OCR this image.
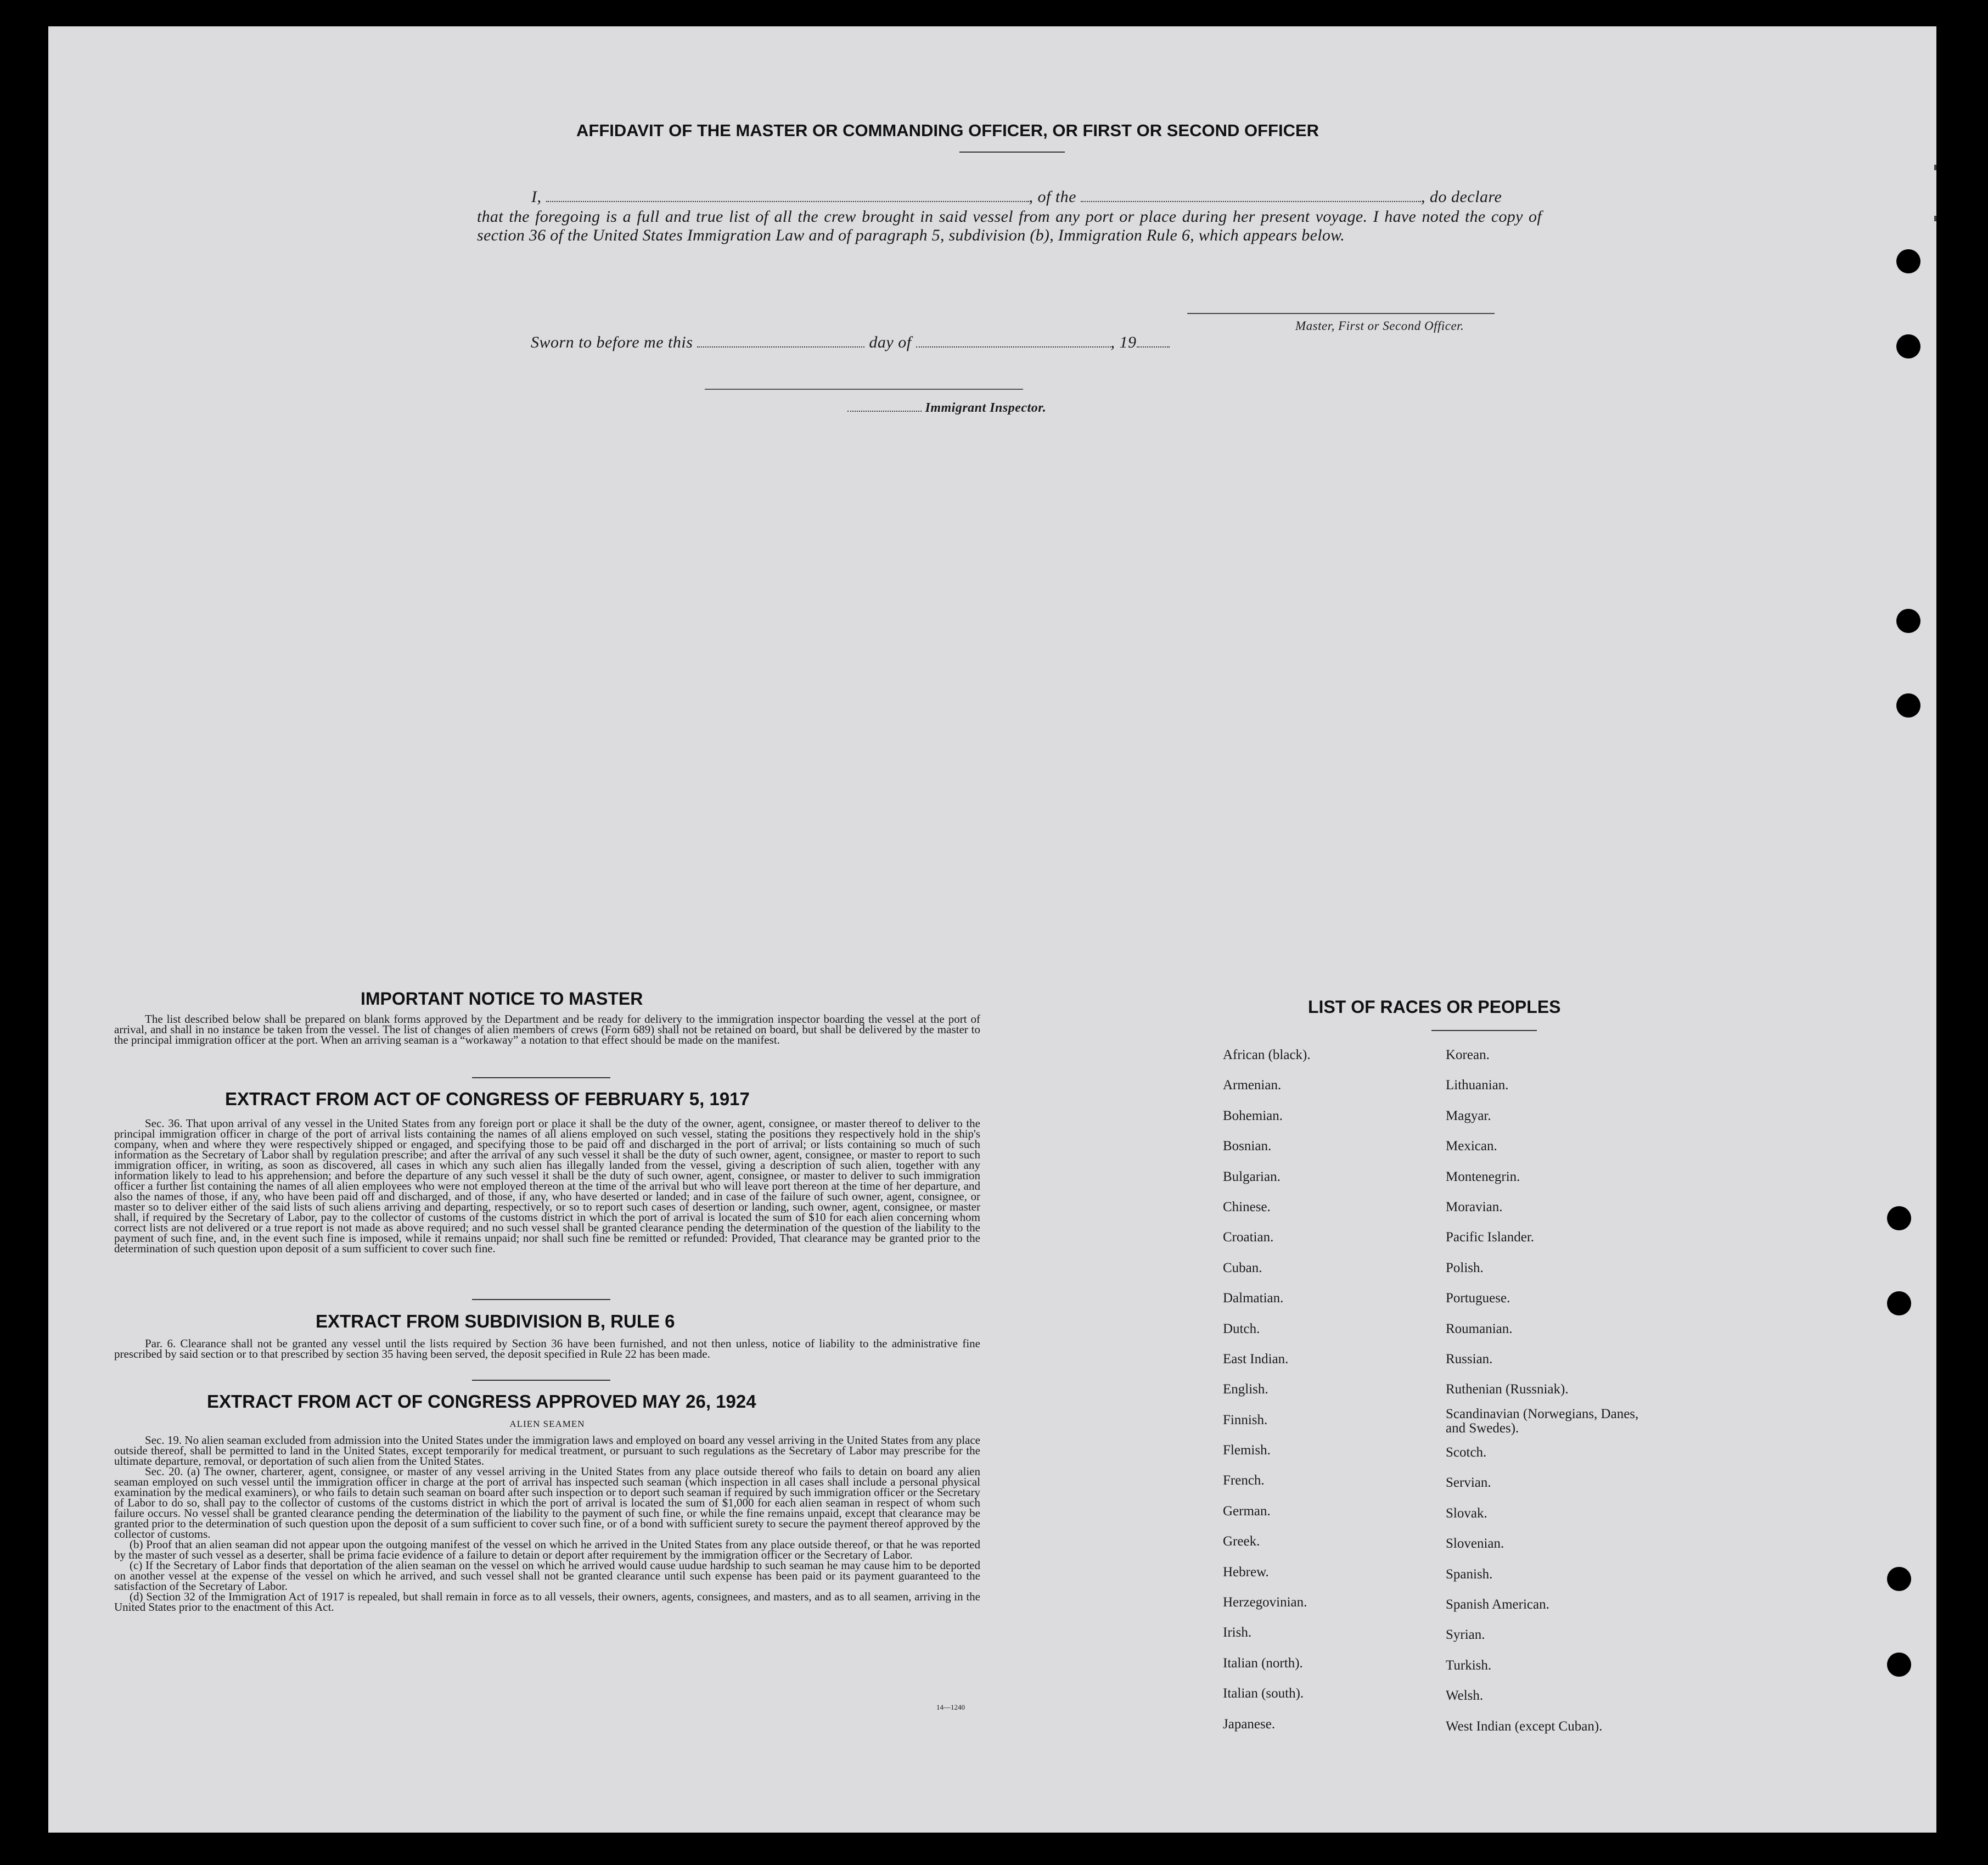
AFFIDAVIT OF THE MASTER OR COMMANDING OFFICER, OR FIRST OR SECOND OFFICER
I,	, of the	, do declare
that the foregoing is a full and true list of all the crew brought in said vessel from any port or place during her present voyage. I have noted the copy of section 36 of the United States Immigration Law and of paragraph 5, subdivision (b), Immigration Rule 6, which appears below.
Master, First or Second Officer.
Sworn to before me this	day of	, 19
Immigrant Inspector.
IMPORTANT NOTICE TO MASTER
The list described below shall be prepared on blank forms approved by the Department and be ready for delivery to the immigration inspector boarding the vessel at the port of arrival, and shall in no instance be taken from the vessel. The list of changes of alien members of crews (Form 689) shall not be retained on board, but shall be delivered by the master to the principal immigration officer at the port. When an arriving seaman is a “workaway” a notation to that effect should be made on the manifest.
EXTRACT FROM ACT OF CONGRESS OF FEBRUARY 5, 1917
Sec. 36. That upon arrival of any vessel in the United States from any foreign port or place it shall be the duty of the owner, agent, consignee, or master thereof to deliver to the principal immigration officer in charge of the port of arrival lists containing the names of all aliens employed on such vessel, stating the positions they respectively hold in the ship's company, when and where they were respectively shipped or engaged, and specifying those to be paid off and discharged in the port of arrival; or lists containing so much of such information as the Secretary of Labor shall by regulation prescribe; and after the arrival of any such vessel it shall be the duty of such owner, agent, consignee, or master to report to such immigration officer, in writing, as soon as discovered, all cases in which any such alien has illegally landed from the vessel, giving a description of such alien, together with any information likely to lead to his apprehension; and before the departure of any such vessel it shall be the duty of such owner, agent, consignee, or master to deliver to such immigration officer a further list containing the names of all alien employees who were not employed thereon at the time of the arrival but who will leave port thereon at the time of her departure, and also the names of those, if any, who have been paid off and discharged, and of those, if any, who have deserted or landed; and in case of the failure of such owner, agent, consignee, or master so to deliver either of the said lists of such aliens arriving and departing, respectively, or so to report such cases of desertion or landing, such owner, agent, consignee, or master shall, if required by the Secretary of Labor, pay to the collector of customs of the customs district in which the port of arrival is located the sum of $10 for each alien concerning whom correct lists are not delivered or a true report is not made as above required; and no such vessel shall be granted clearance pending the determination of the question of the liability to the payment of such fine, and, in the event such fine is imposed, while it remains unpaid; nor shall such fine be remitted or refunded: Provided, That clearance may be granted prior to the determination of such question upon deposit of a sum sufficient to cover such fine.
EXTRACT FROM SUBDIVISION B, RULE 6
Par. 6. Clearance shall not be granted any vessel until the lists required by Section 36 have been furnished, and not then unless, notice of liability to the administrative fine prescribed by said section or to that prescribed by section 35 having been served, the deposit specified in Rule 22 has been made.
EXTRACT FROM ACT OF CONGRESS APPROVED MAY 26, 1924
ALIEN SEAMEN
Sec. 19. No alien seaman excluded from admission into the United States under the immigration laws and employed on board any vessel arriving in the United States from any place outside thereof, shall be permitted to land in the United States, except temporarily for medical treatment, or pursuant to such regulations as the Secretary of Labor may prescribe for the ultimate departure, removal, or deportation of such alien from the United States.
Sec. 20. (a) The owner, charterer, agent, consignee, or master of any vessel arriving in the United States from any place outside thereof who fails to detain on board any alien seaman employed on such vessel until the immigration officer in charge at the port of arrival has inspected such seaman (which inspection in all cases shall include a personal physical examination by the medical examiners), or who fails to detain such seaman on board after such inspection or to deport such seaman if required by such immigration officer or the Secretary of Labor to do so, shall pay to the collector of customs of the customs district in which the port of arrival is located the sum of $1,000 for each alien seaman in respect of whom such failure occurs. No vessel shall be granted clearance pending the determination of the liability to the payment of such fine, or while the fine remains unpaid, except that clearance may be granted prior to the determination of such question upon the deposit of a sum sufficient to cover such fine, or of a bond with sufficient surety to secure the payment thereof approved by the collector of customs.
(b) Proof that an alien seaman did not appear upon the outgoing manifest of the vessel on which he arrived in the United States from any place outside thereof, or that he was reported by the master of such vessel as a deserter, shall be prima facie evidence of a failure to detain or deport after requirement by the immigration officer or the Secretary of Labor.
(c) If the Secretary of Labor finds that deportation of the alien seaman on the vessel on which he arrived would cause uudue hardship to such seaman he may cause him to be deported on another vessel at the expense of the vessel on which he arrived, and such vessel shall not be granted clearance until such expense has been paid or its payment guaranteed to the satisfaction of the Secretary of Labor.
(d) Section 32 of the Immigration Act of 1917 is repealed, but shall remain in force as to all vessels, their owners, agents, consignees, and masters, and as to all seamen, arriving in the United States prior to the enactment of this Act.
14—1240
LIST OF RACES OR PEOPLES
African (black).
Armenian.
Bohemian.
Bosnian.
Bulgarian.
Chinese.
Croatian.
Cuban.
Dalmatian.
Dutch.
East Indian.
English.
Finnish.
Flemish.
French.
German.
Greek.
Hebrew.
Herzegovinian.
Irish.
Italian (north).
Italian (south).
Japanese.
Korean.
Lithuanian.
Magyar.
Mexican.
Montenegrin.
Moravian.
Pacific Islander.
Polish.
Portuguese.
Roumanian.
Russian.
Ruthenian (Russniak).
Scandinavian (Norwegians, Danes, and Swedes).
Scotch.
Servian.
Slovak.
Slovenian.
Spanish.
Spanish American.
Syrian.
Turkish.
Welsh.
West Indian (except Cuban).
